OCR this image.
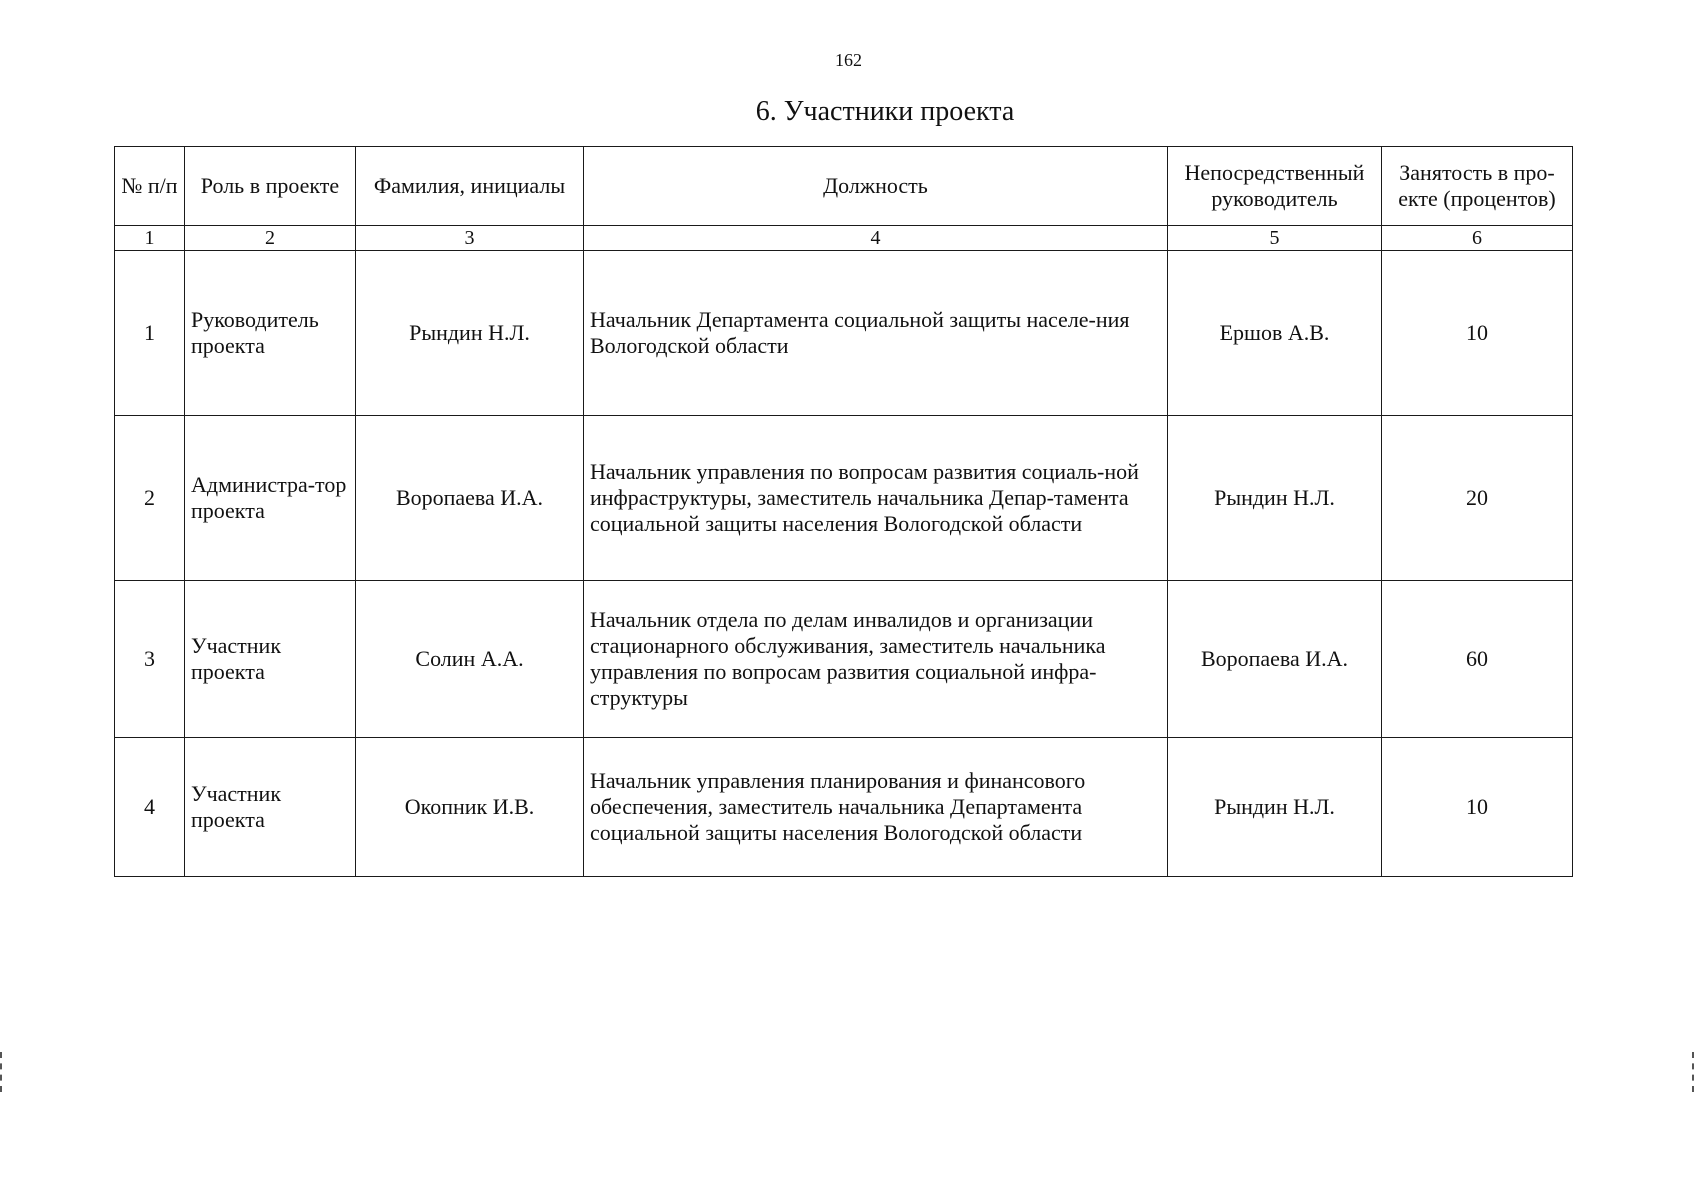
162
6. Участники проекта
№ п/п	Роль в проекте	Фамилия, инициалы	Должность	Непосредственный руководитель	Занятость в про-екте (процентов)
1	2	3	4	5	6
1	Руководитель проекта	Рындин Н.Л.	Начальник Департамента социальной защиты населе-ния Вологодской области	Ершов А.В.	10
2	Администра-тор проекта	Воропаева И.А.	Начальник управления по вопросам развития социаль-ной инфраструктуры, заместитель начальника Депар-тамента социальной защиты населения Вологодской области	Рындин Н.Л.	20
3	Участник проекта	Солин А.А.	Начальник отдела по делам инвалидов и организации стационарного обслуживания, заместитель начальника управления по вопросам развития социальной инфра-структуры	Воропаева И.А.	60
4	Участник проекта	Окопник И.В.	Начальник управления планирования и финансового обеспечения, заместитель начальника Департамента социальной защиты населения Вологодской области	Рындин Н.Л.	10
